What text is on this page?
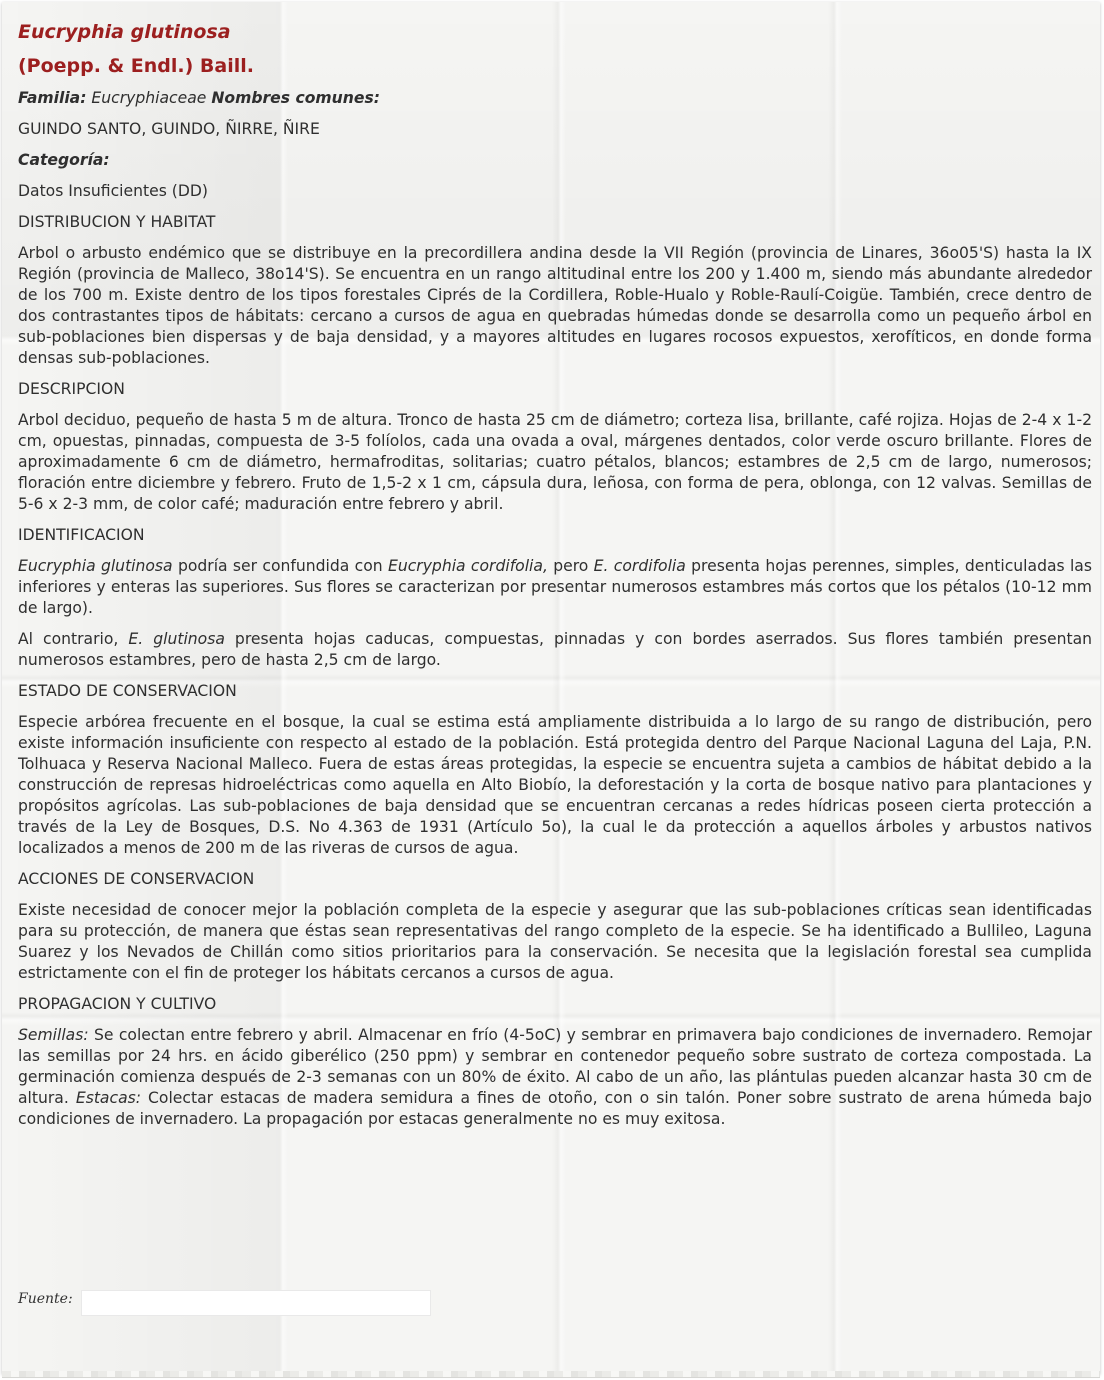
Eucryphia glutinosa
(Poepp. & Endl.) Baill.

Familia: Eucryphiaceae Nombres comunes:

GUINDO SANTO, GUINDO, ÑIRRE, ÑIRE

Categoría:

Datos Insuficientes (DD)

DISTRIBUCION Y HABITAT

Arbol o arbusto endémico que se distribuye en la precordillera andina desde la VII Región (provincia de Linares, 36o05'S) hasta la IX Región (provincia de Malleco, 38o14'S). Se encuentra en un rango altitudinal entre los 200 y 1.400 m, siendo más abundante alrededor de los 700 m. Existe dentro de los tipos forestales Ciprés de la Cordillera, Roble-Hualo y Roble-Raulí-Coigüe. También, crece dentro de dos contrastantes tipos de hábitats: cercano a cursos de agua en quebradas húmedas donde se desarrolla como un pequeño árbol en sub-poblaciones bien dispersas y de baja densidad, y a mayores altitudes en lugares rocosos expuestos, xerofíticos, en donde forma densas sub-poblaciones.

DESCRIPCION

Arbol deciduo, pequeño de hasta 5 m de altura. Tronco de hasta 25 cm de diámetro; corteza lisa, brillante, café rojiza. Hojas de 2-4 x 1-2 cm, opuestas, pinnadas, compuesta de 3-5 folíolos, cada una ovada a oval, márgenes dentados, color verde oscuro brillante. Flores de aproximadamente 6 cm de diámetro, hermafroditas, solitarias; cuatro pétalos, blancos; estambres de 2,5 cm de largo, numerosos; floración entre diciembre y febrero. Fruto de 1,5-2 x 1 cm, cápsula dura, leñosa, con forma de pera, oblonga, con 12 valvas. Semillas de 5-6 x 2-3 mm, de color café; maduración entre febrero y abril.

IDENTIFICACION

Eucryphia glutinosa podría ser confundida con Eucryphia cordifolia, pero E. cordifolia presenta hojas perennes, simples, denticuladas las inferiores y enteras las superiores. Sus flores se caracterizan por presentar numerosos estambres más cortos que los pétalos (10-12 mm de largo).

Al contrario, E. glutinosa presenta hojas caducas, compuestas, pinnadas y con bordes aserrados. Sus flores también presentan numerosos estambres, pero de hasta 2,5 cm de largo.

ESTADO DE CONSERVACION

Especie arbórea frecuente en el bosque, la cual se estima está ampliamente distribuida a lo largo de su rango de distribución, pero existe información insuficiente con respecto al estado de la población. Está protegida dentro del Parque Nacional Laguna del Laja, P.N. Tolhuaca y Reserva Nacional Malleco. Fuera de estas áreas protegidas, la especie se encuentra sujeta a cambios de hábitat debido a la construcción de represas hidroeléctricas como aquella en Alto Biobío, la deforestación y la corta de bosque nativo para plantaciones y propósitos agrícolas. Las sub-poblaciones de baja densidad que se encuentran cercanas a redes hídricas poseen cierta protección a través de la Ley de Bosques, D.S. No 4.363 de 1931 (Artículo 5o), la cual le da protección a aquellos árboles y arbustos nativos localizados a menos de 200 m de las riveras de cursos de agua.

ACCIONES DE CONSERVACION

Existe necesidad de conocer mejor la población completa de la especie y asegurar que las sub-poblaciones críticas sean identificadas para su protección, de manera que éstas sean representativas del rango completo de la especie. Se ha identificado a Bullileo, Laguna Suarez y los Nevados de Chillán como sitios prioritarios para la conservación. Se necesita que la legislación forestal sea cumplida estrictamente con el fin de proteger los hábitats cercanos a cursos de agua.

PROPAGACION Y CULTIVO

Semillas: Se colectan entre febrero y abril. Almacenar en frío (4-5oC) y sembrar en primavera bajo condiciones de invernadero. Remojar las semillas por 24 hrs. en ácido giberélico (250 ppm) y sembrar en contenedor pequeño sobre sustrato de corteza compostada. La germinación comienza después de 2-3 semanas con un 80% de éxito. Al cabo de un año, las plántulas pueden alcanzar hasta 30 cm de altura. Estacas: Colectar estacas de madera semidura a fines de otoño, con o sin talón. Poner sobre sustrato de arena húmeda bajo condiciones de invernadero. La propagación por estacas generalmente no es muy exitosa.

Fuente:
